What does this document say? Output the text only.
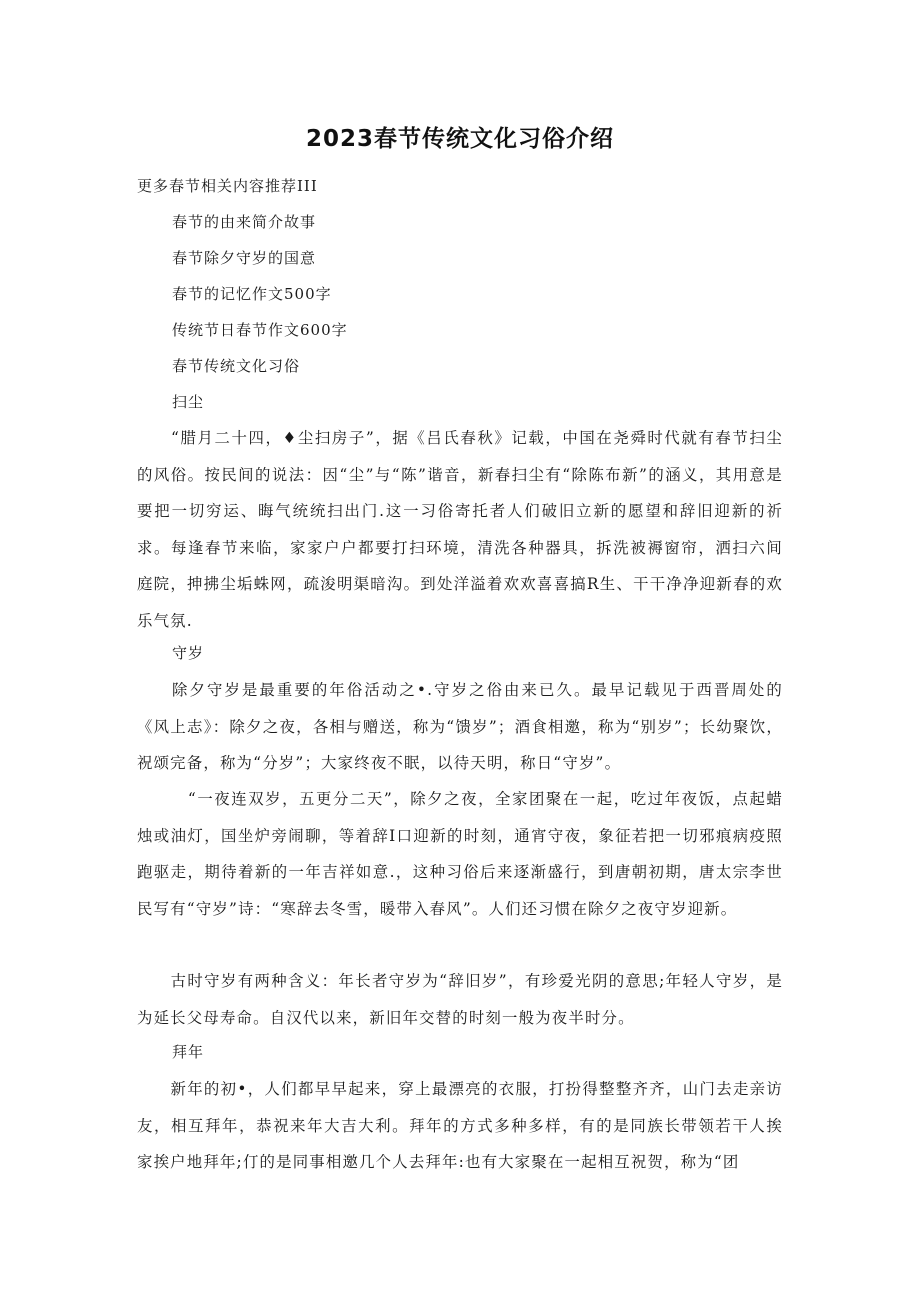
2023春节传统文化习俗介绍
更多春节相关内容推荐III
春节的由来简介故事
春节除夕守岁的国意
春节的记忆作文500字
传统节日春节作文600字
春节传统文化习俗
扫尘

　　“腊月二十四，♦尘扫房子”，据《吕氏春秋》记载，中国在尧舜时代就有春节扫尘的风俗。按民间的说法：因“尘”与“陈”谐音，新春扫尘有“除陈布新”的涵义，其用意是要把一切穷运、晦气统统扫出门.这一习俗寄托者人们破旧立新的愿望和辞旧迎新的祈求。每逢春节来临，家家户户都要打扫环境，清洗各种器具，拆洗被褥窗帘，洒扫六间庭院，抻拂尘垢蛛网，疏浚明渠暗沟。到处洋溢着欢欢喜喜搞R生、干干净净迎新春的欢乐气氛.

守岁

　　除夕守岁是最重要的年俗活动之•.守岁之俗由来已久。最早记载见于西晋周处的《风上志》：除夕之夜，各相与赠送，称为“馈岁”；酒食相邀，称为“别岁”；长幼聚饮，祝颂完备，称为“分岁”；大家终夜不眠，以待天明，称日“守岁”。

　　　“一夜连双岁，五更分二天”，除夕之夜，全家团聚在一起，吃过年夜饭，点起蜡烛或油灯，国坐炉旁闹聊，等着辞I口迎新的时刻，通宵守夜，象征若把一切邪痕病疫照跑驱走，期待着新的一年吉祥如意.，这种习俗后来逐渐盛行，到唐朝初期，唐太宗李世民写有“守岁”诗：“寒辞去冬雪，暖带入春风”。人们还习惯在除夕之夜守岁迎新。

　　古时守岁有两种含义：年长者守岁为“辞旧岁”，有珍爱光阴的意思;年轻人守岁，是为延长父母寿命。自汉代以来，新旧年交替的时刻一般为夜半时分。

拜年

　　新年的初•，人们都早早起来，穿上最漂亮的衣服，打扮得整整齐齐，山门去走亲访友，相互拜年，恭祝来年大吉大利。拜年的方式多种多样，有的是同族长带领若干人挨家挨户地拜年;仃的是同事相邀几个人去拜年:也有大家聚在一起相互祝贺，称为“团
